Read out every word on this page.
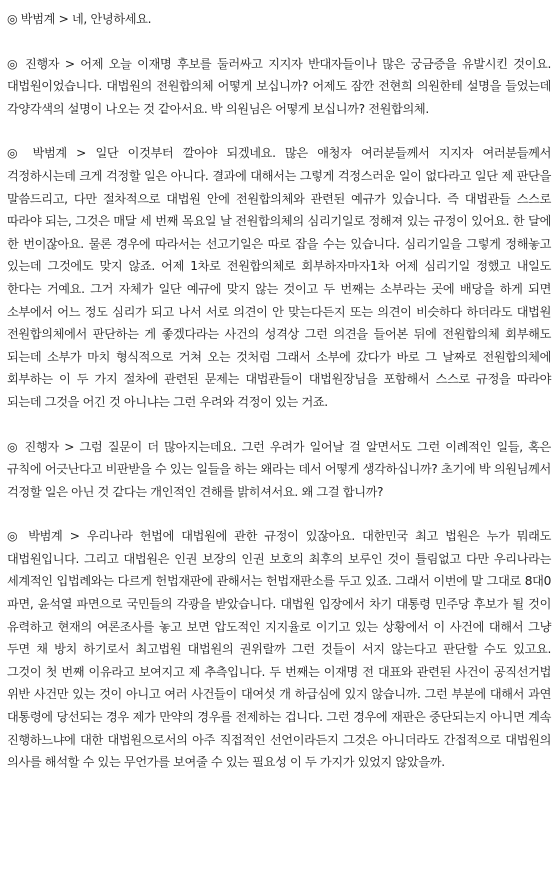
◎ 박범계 > 네, 안녕하세요.

◎ 진행자 > 어제 오늘 이재명 후보를 둘러싸고 지지자 반대자들이나 많은 궁금증을 유발시킨 것이요. 대법원이었습니다. 대법원의 전원합의체 어떻게 보십니까? 어제도 잠깐 전현희 의원한테 설명을 들었는데 각양각색의 설명이 나오는 것 같아서요. 박 의원님은 어떻게 보십니까? 전원합의체.

◎ 박범계 > 일단 이것부터 깔아야 되겠네요. 많은 애청자 여러분들께서 지지자 여러분들께서 걱정하시는데 크게 걱정할 일은 아니다. 결과에 대해서는 그렇게 걱정스러운 일이 없다라고 일단 제 판단을 말씀드리고, 다만 절차적으로 대법원 안에 전원합의체와 관련된 예규가 있습니다. 즉 대법관들 스스로 따라야 되는, 그것은 매달 세 번째 목요일 날 전원합의체의 심리기일로 정해져 있는 규정이 있어요. 한 달에 한 번이잖아요. 물론 경우에 따라서는 선고기일은 따로 잡을 수는 있습니다. 심리기일을 그렇게 정해놓고 있는데 그것에도 맞지 않죠. 어제 1차로 전원합의체로 회부하자마자1차 어제 심리기일 정했고 내일도 한다는 거예요. 그거 자체가 일단 예규에 맞지 않는 것이고 두 번째는 소부라는 곳에 배당을 하게 되면 소부에서 어느 정도 심리가 되고 나서 서로 의견이 안 맞는다든지 또는 의견이 비슷하다 하더라도 대법원 전원합의체에서 판단하는 게 좋겠다라는 사건의 성격상 그런 의견을 들어본 뒤에 전원합의체 회부해도 되는데 소부가 마치 형식적으로 거쳐 오는 것처럼 그래서 소부에 갔다가 바로 그 날짜로 전원합의체에 회부하는 이 두 가지 절차에 관련된 문제는 대법관들이 대법원장님을 포함해서 스스로 규정을 따라야 되는데 그것을 어긴 것 아니냐는 그런 우려와 걱정이 있는 거죠.

◎ 진행자 > 그럼 질문이 더 많아지는데요. 그런 우려가 일어날 걸 알면서도 그런 이례적인 일들, 혹은 규칙에 어긋난다고 비판받을 수 있는 일들을 하는 왜라는 데서 어떻게 생각하십니까? 초기에 박 의원님께서 걱정할 일은 아닌 것 같다는 개인적인 견해를 밝히셔서요. 왜 그걸 합니까?

◎ 박범계 > 우리나라 헌법에 대법원에 관한 규정이 있잖아요. 대한민국 최고 법원은 누가 뭐래도 대법원입니다. 그리고 대법원은 인권 보장의 인권 보호의 최후의 보루인 것이 틀림없고 다만 우리나라는 세계적인 입법례와는 다르게 헌법재판에 관해서는 헌법재판소를 두고 있죠. 그래서 이번에 말 그대로 8대0 파면, 윤석열 파면으로 국민들의 각광을 받았습니다. 대법원 입장에서 차기 대통령 민주당 후보가 될 것이 유력하고 현재의 여론조사를 놓고 보면 압도적인 지지율로 이기고 있는 상황에서 이 사건에 대해서 그냥 두면 채 방치 하기로서 최고법원 대법원의 권위랄까 그런 것들이 서지 않는다고 판단할 수도 있고요. 그것이 첫 번째 이유라고 보여지고 제 추측입니다. 두 번째는 이재명 전 대표와 관련된 사건이 공직선거법 위반 사건만 있는 것이 아니고 여러 사건들이 대여섯 개 하급심에 있지 않습니까. 그런 부분에 대해서 과연 대통령에 당선되는 경우 제가 만약의 경우를 전제하는 겁니다. 그런 경우에 재판은 중단되는지 아니면 계속 진행하느냐에 대한 대법원으로서의 아주 직접적인 선언이라든지 그것은 아니더라도 간접적으로 대법원의 의사를 해석할 수 있는 무언가를 보여줄 수 있는 필요성 이 두 가지가 있었지 않았을까.
